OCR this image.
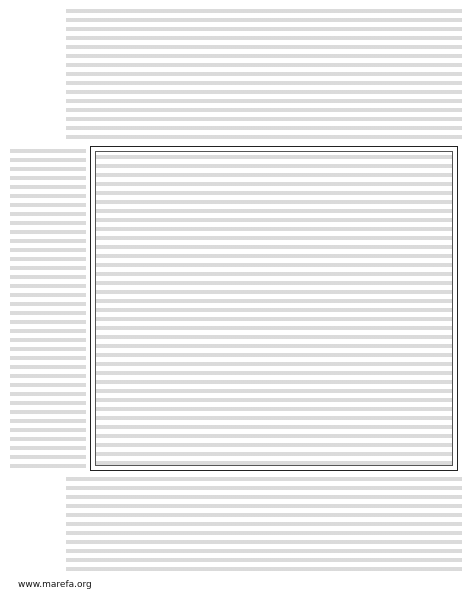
www.marefa.org
